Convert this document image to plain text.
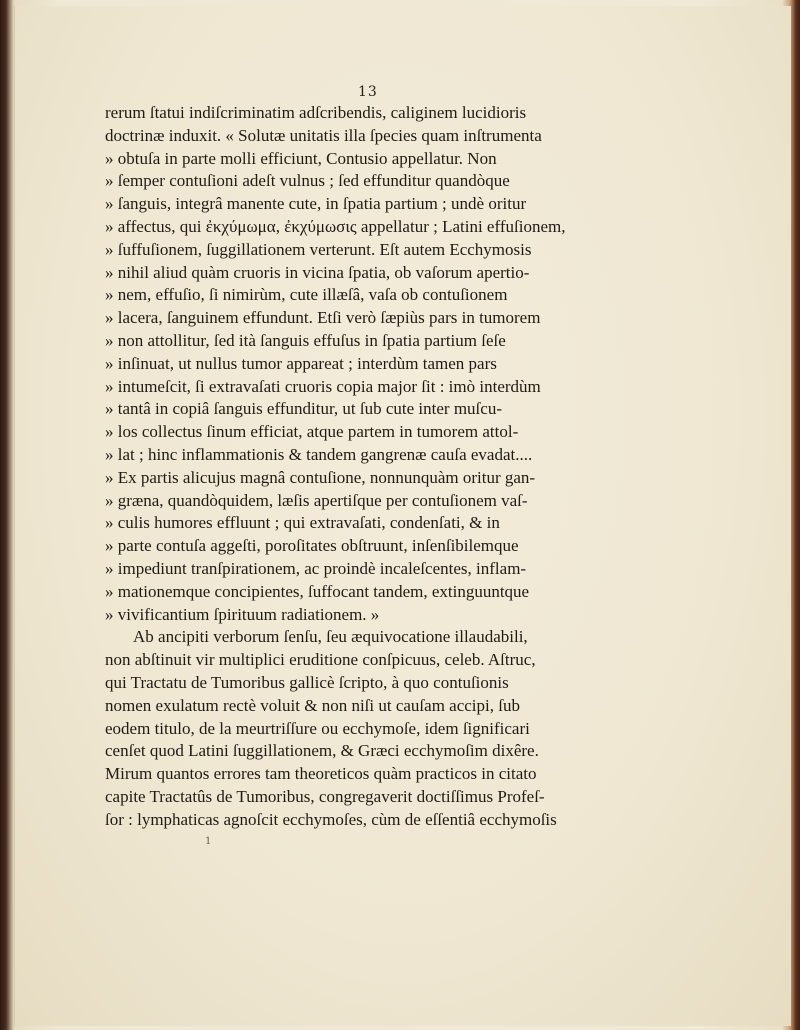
13
rerum ſtatui indiſcriminatim adſcribendis, caliginem lucidioris
doctrinæ induxit. « Solutæ unitatis illa ſpecies quam inſtrumenta
» obtuſa in parte molli efficiunt, Contusio appellatur. Non
» ſemper contuſioni adeſt vulnus ; ſed effunditur quandòque
» ſanguis, integrâ manente cute, in ſpatia partium ; undè oritur
» affectus, qui ἐκχύμωμα, ἐκχύμωσις appellatur ; Latini effuſionem,
» ſuffuſionem, ſuggillationem verterunt. Eſt autem Ecchymosis
» nihil aliud quàm cruoris in vicina ſpatia, ob vaſorum apertio-
» nem, effuſio, ſi nimirùm, cute illæſâ, vaſa ob contuſionem
» lacera, ſanguinem effundunt. Etſi verò ſæpiùs pars in tumorem
» non attollitur, ſed ità ſanguis effuſus in ſpatia partium ſeſe
» inſinuat, ut nullus tumor appareat ; interdùm tamen pars
» intumeſcit, ſi extravaſati cruoris copia major ſit : imò interdùm
» tantâ in copiâ ſanguis effunditur, ut ſub cute inter muſcu-
» los collectus ſinum efficiat, atque partem in tumorem attol-
» lat ; hinc inflammationis & tandem gangrenæ cauſa evadat....
» Ex partis alicujus magnâ contuſione, nonnunquàm oritur gan-
» græna, quandòquidem, læſis apertiſque per contuſionem vaſ-
» culis humores effluunt ; qui extravaſati, condenſati, & in
» parte contuſa aggeſti, poroſitates obſtruunt, inſenſibilemque
» impediunt tranſpirationem, ac proindè incaleſcentes, inflam-
» mationemque concipientes, ſuffocant tandem, extinguuntque
» vivificantium ſpirituum radiationem. »
Ab ancipiti verborum ſenſu, ſeu æquivocatione illaudabili,
non abſtinuit vir multiplici eruditione conſpicuus, celeb. Aſtruc,
qui Tractatu de Tumoribus gallicè ſcripto, à quo contuſionis
nomen exulatum rectè voluit & non niſi ut cauſam accipi, ſub
eodem titulo, de la meurtriſſure ou ecchymoſe, idem ſignificari
cenſet quod Latini ſuggillationem, & Græci ecchymoſim dixêre.
Mirum quantos errores tam theoreticos quàm practicos in citato
capite Tractatûs de Tumoribus, congregaverit doctiſſimus Profeſ-
ſor : lymphaticas agnoſcit ecchymoſes, cùm de eſſentiâ ecchymoſis
1
